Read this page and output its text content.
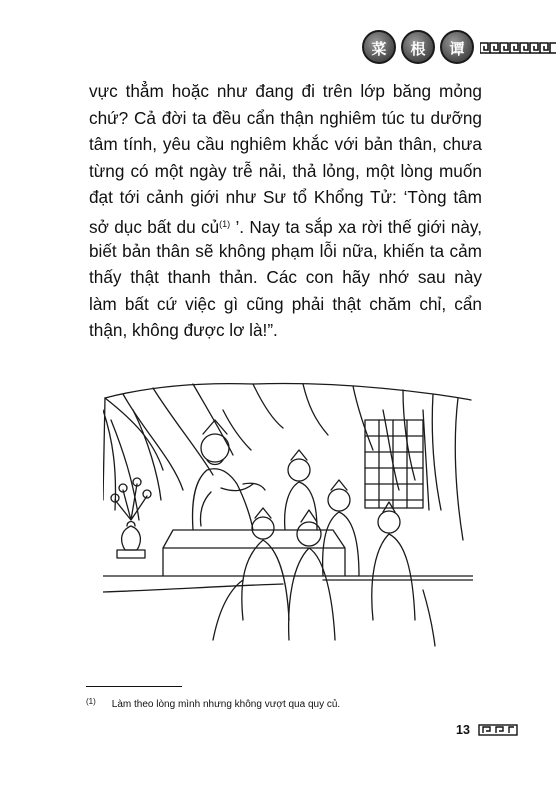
菜	根	谭
vực thẳm hoặc như đang đi trên lớp băng mỏng
chứ? Cả đời ta đều cẩn thận nghiêm túc tu dưỡng
tâm tính, yêu cầu nghiêm khắc với bản thân, chưa
từng có một ngày trễ nải, thả lỏng, một lòng muốn
đạt tới cảnh giới như Sư tổ Khổng Tử: ‘Tòng tâm
sở dục bất du củ$^{(1)}$ ’. Nay ta sắp xa rời thế giới này,
biết bản thân sẽ không phạm lỗi nữa, khiến ta cảm
thấy thật thanh thản. Các con hãy nhớ sau này
làm bất cứ việc gì cũng phải thật chăm chỉ, cẩn
thận, không được lơ là!”.
$^{(1)}$ Làm theo lòng mình nhưng không vượt qua quy củ.
13
